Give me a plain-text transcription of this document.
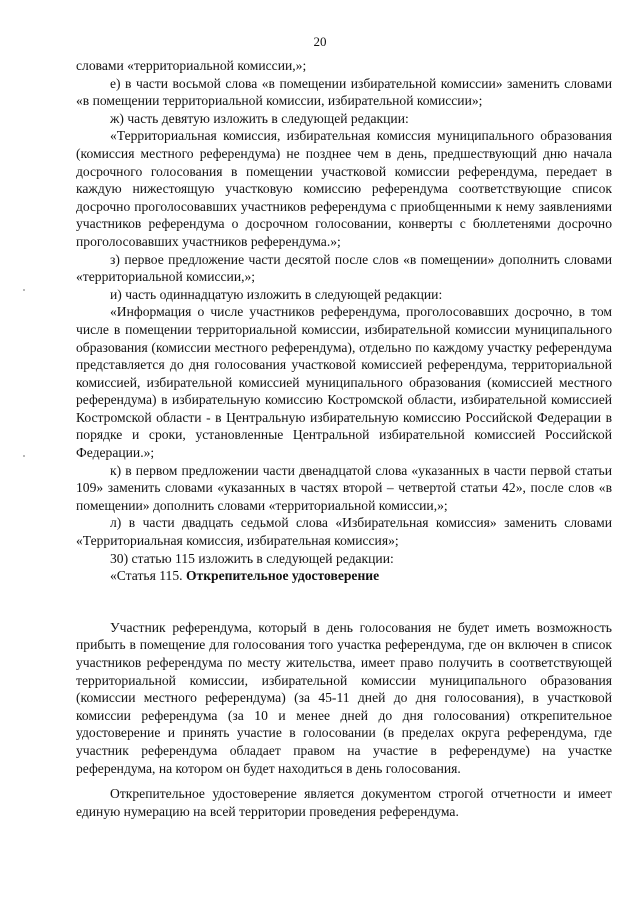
20

словами «территориальной комиссии,»;

е) в части восьмой слова «в помещении избирательной комиссии» заменить словами «в помещении территориальной комиссии, избирательной комиссии»;

ж) часть девятую изложить в следующей редакции:

«Территориальная комиссия, избирательная комиссия муниципального образования (комиссия местного референдума) не позднее чем в день, предшествующий дню начала досрочного голосования в помещении участковой комиссии референдума, передает в каждую нижестоящую участковую комиссию референдума соответствующие список досрочно проголосовавших участников референдума с приобщенными к нему заявлениями участников референдума о досрочном голосовании, конверты с бюллетенями досрочно проголосовавших участников референдума.»;

з) первое предложение части десятой после слов «в помещении» дополнить словами «территориальной комиссии,»;

и) часть одиннадцатую изложить в следующей редакции:

«Информация о числе участников референдума, проголосовавших досрочно, в том числе в помещении территориальной комиссии, избирательной комиссии муниципального образования (комиссии местного референдума), отдельно по каждому участку референдума представляется до дня голосования участковой комиссией референдума, территориальной комиссией, избирательной комиссией муниципального образования (комиссией местного референдума) в избирательную комиссию Костромской области, избирательной комиссией Костромской области - в Центральную избирательную комиссию Российской Федерации в порядке и сроки, установленные Центральной избирательной комиссией Российской Федерации.»;

к) в первом предложении части двенадцатой слова «указанных в части первой статьи 109» заменить словами «указанных в частях второй – четвертой статьи 42», после слов «в помещении» дополнить словами «территориальной комиссии,»;

л) в части двадцать седьмой слова «Избирательная комиссия» заменить словами «Территориальная комиссия, избирательная комиссия»;

30) статью 115 изложить в следующей редакции:

«Статья 115. Открепительное удостоверение

Участник референдума, который в день голосования не будет иметь возможность прибыть в помещение для голосования того участка референдума, где он включен в список участников референдума по месту жительства, имеет право получить в соответствующей территориальной комиссии, избирательной комиссии муниципального образования (комиссии местного референдума) (за 45-11 дней до дня голосования), в участковой комиссии референдума (за 10 и менее дней до дня голосования) открепительное удостоверение и принять участие в голосовании (в пределах округа референдума, где участник референдума обладает правом на участие в референдуме) на участке референдума, на котором он будет находиться в день голосования.

Открепительное удостоверение является документом строгой отчетности и имеет единую нумерацию на всей территории проведения референдума.
